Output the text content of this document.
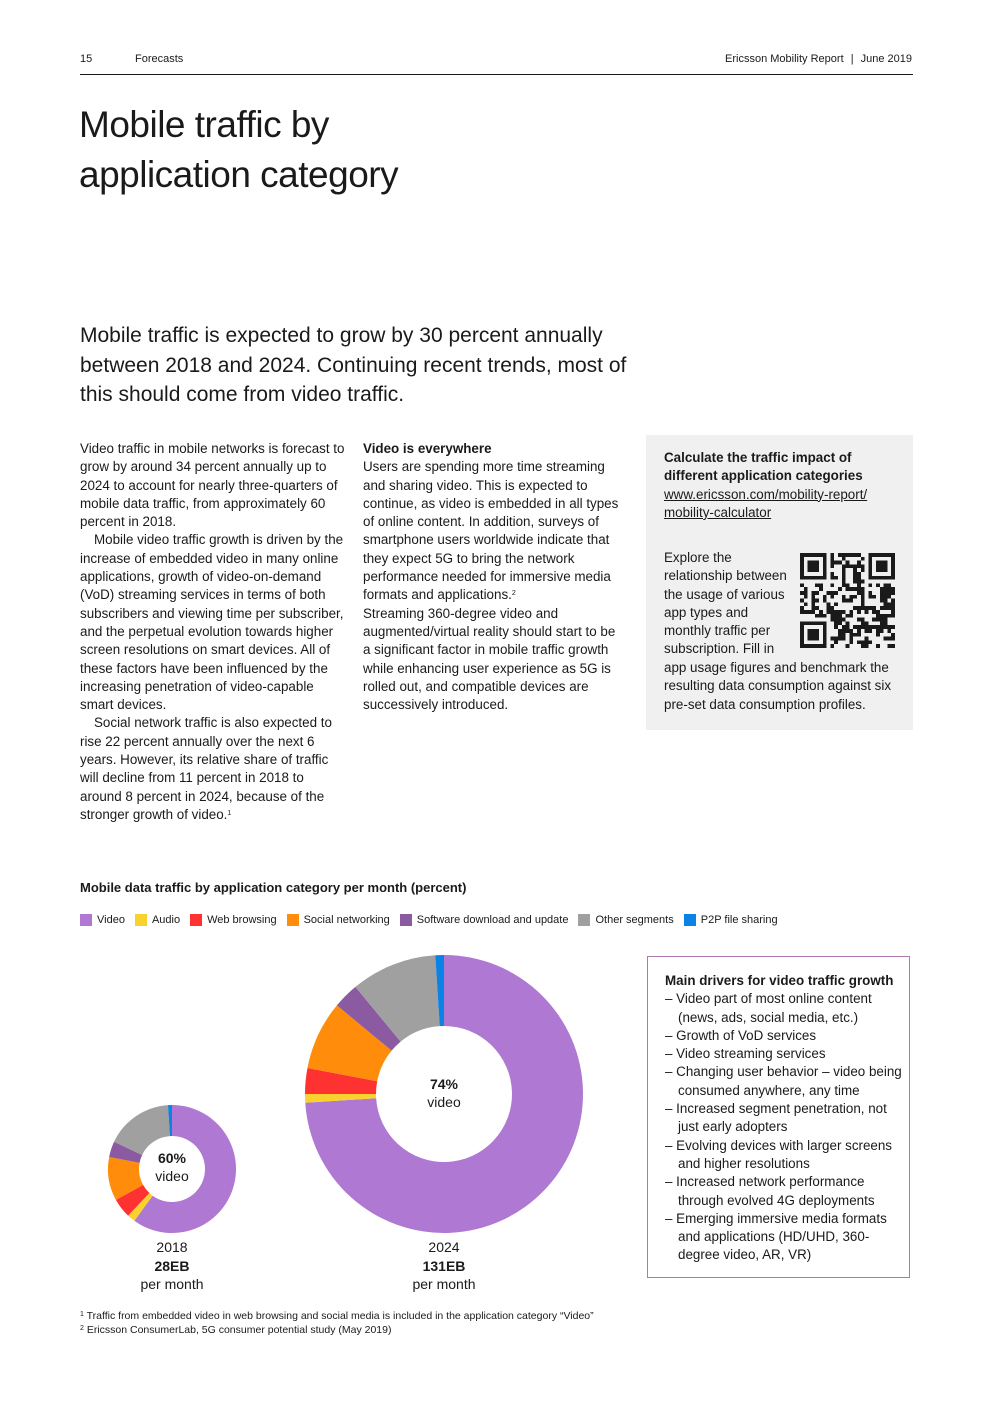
15	Forecasts	Ericsson Mobility Report | June 2019
Mobile traffic by
application category
Mobile traffic is expected to grow by 30 percent annually between 2018 and 2024. Continuing recent trends, most of this should come from video traffic.

Video traffic in mobile networks is forecast to grow by around 34 percent annually up to 2024 to account for nearly three-quarters of mobile data traffic, from approximately 60 percent in 2018.

Mobile video traffic growth is driven by the increase of embedded video in many online applications, growth of video-on-demand (VoD) streaming services in terms of both subscribers and viewing time per subscriber, and the perpetual evolution towards higher screen resolutions on smart devices. All of these factors have been influenced by the increasing penetration of video-capable smart devices.

Social network traffic is also expected to rise 22 percent annually over the next 6 years. However, its relative share of traffic will decline from 11 percent in 2018 to around 8 percent in 2024, because of the stronger growth of video.$^1$

Video is everywhere

Users are spending more time streaming and sharing video. This is expected to continue, as video is embedded in all types of online content. In addition, surveys of smartphone users worldwide indicate that they expect 5G to bring the network performance needed for immersive media formats and applications.$^2$

Streaming 360-degree video and augmented/virtual reality should start to be a significant factor in mobile traffic growth while enhancing user experience as 5G is rolled out, and compatible devices are successively introduced.

Calculate the traffic impact of different application categories
www.ericsson.com/mobility-report/
mobility-calculator
Explore the
relationship between
the usage of various
app types and
monthly traffic per
subscription. Fill in
app usage figures and benchmark the resulting data consumption against six pre-set data consumption profiles.
Mobile data traffic by application category per month (percent)
Video Audio Web browsing Social networking Software download and update Other segments P2P file sharing
60%
video
74%
video
2018
28EB
per month
2024
131EB
per month
Main drivers for video traffic growth
– Video part of most online content (news, ads, social media, etc.)
– Growth of VoD services
– Video streaming services
– Changing user behavior – video being consumed anywhere, any time
– Increased segment penetration, not just early adopters
– Evolving devices with larger screens and higher resolutions
– Increased network performance through evolved 4G deployments
– Emerging immersive media formats and applications (HD/UHD, 360-degree video, AR, VR)
$^1$ Traffic from embedded video in web browsing and social media is included in the application category “Video”
$^2$ Ericsson ConsumerLab, 5G consumer potential study (May 2019)
